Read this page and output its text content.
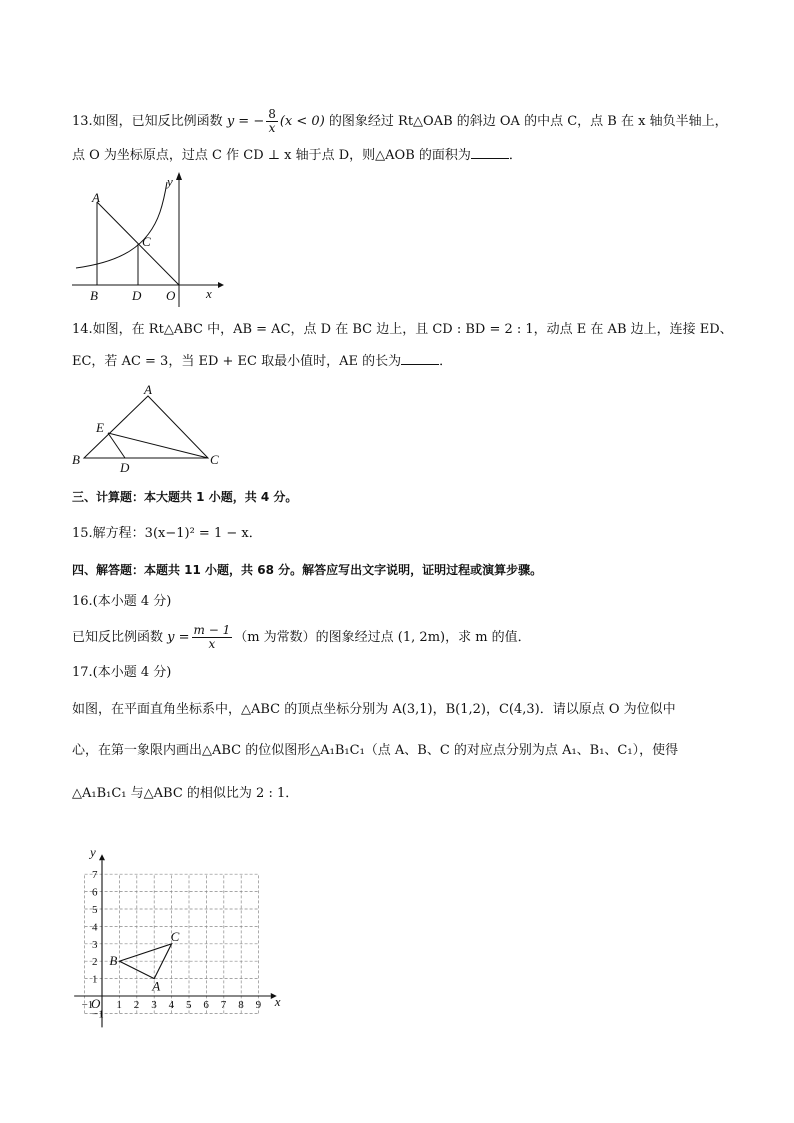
13.如图，已知反比例函数 y = − $\frac{8}{x} (x < 0)$ 的图象经过 Rt△OAB 的斜边 OA 的中点 C，点 B 在 x 轴负半轴上，
点 O 为坐标原点，过点 C 作 CD ⊥ x 轴于点 D，则△AOB 的面积为	．
A
B
C
D O x
y
14.如图，在 Rt△ABC 中，AB = AC，点 D 在 BC 边上，且 CD : BD = 2 : 1，动点 E 在 AB 边上，连接 ED、
EC，若 AC = 3，当 ED + EC 取最小值时，AE 的长为	．
A
B	C
D
E
三、计算题：本大题共 1 小题，共 4 分。
15.解方程：3(x−1)² = 1 − x．
四、解答题：本题共 11 小题，共 68 分。解答应写出文字说明，证明过程或演算步骤。
16.(本小题 4 分)
已知反比例函数 $y = \frac{m - 1}{x} (m$ 为常数）的图象经过点 (1, 2m)，求 m 的值．
17.(本小题 4 分)
如图，在平面直角坐标系中，△ABC 的顶点坐标分别为 A(3,1)，B(1,2)，C(4,3)．请以原点 O 为位似中
心，在第一象限内画出△ABC 的位似图形△A₁B₁C₁（点 A、B、C 的对应点分别为点 A₁、B₁、C₁），使得
△A₁B₁C₁ 与△ABC 的相似比为 2 : 1．
x
y
O
−1 1 2 3 4 5 6 7 8 9
−1
1
2
3
4
5
6
7
A
B
C
